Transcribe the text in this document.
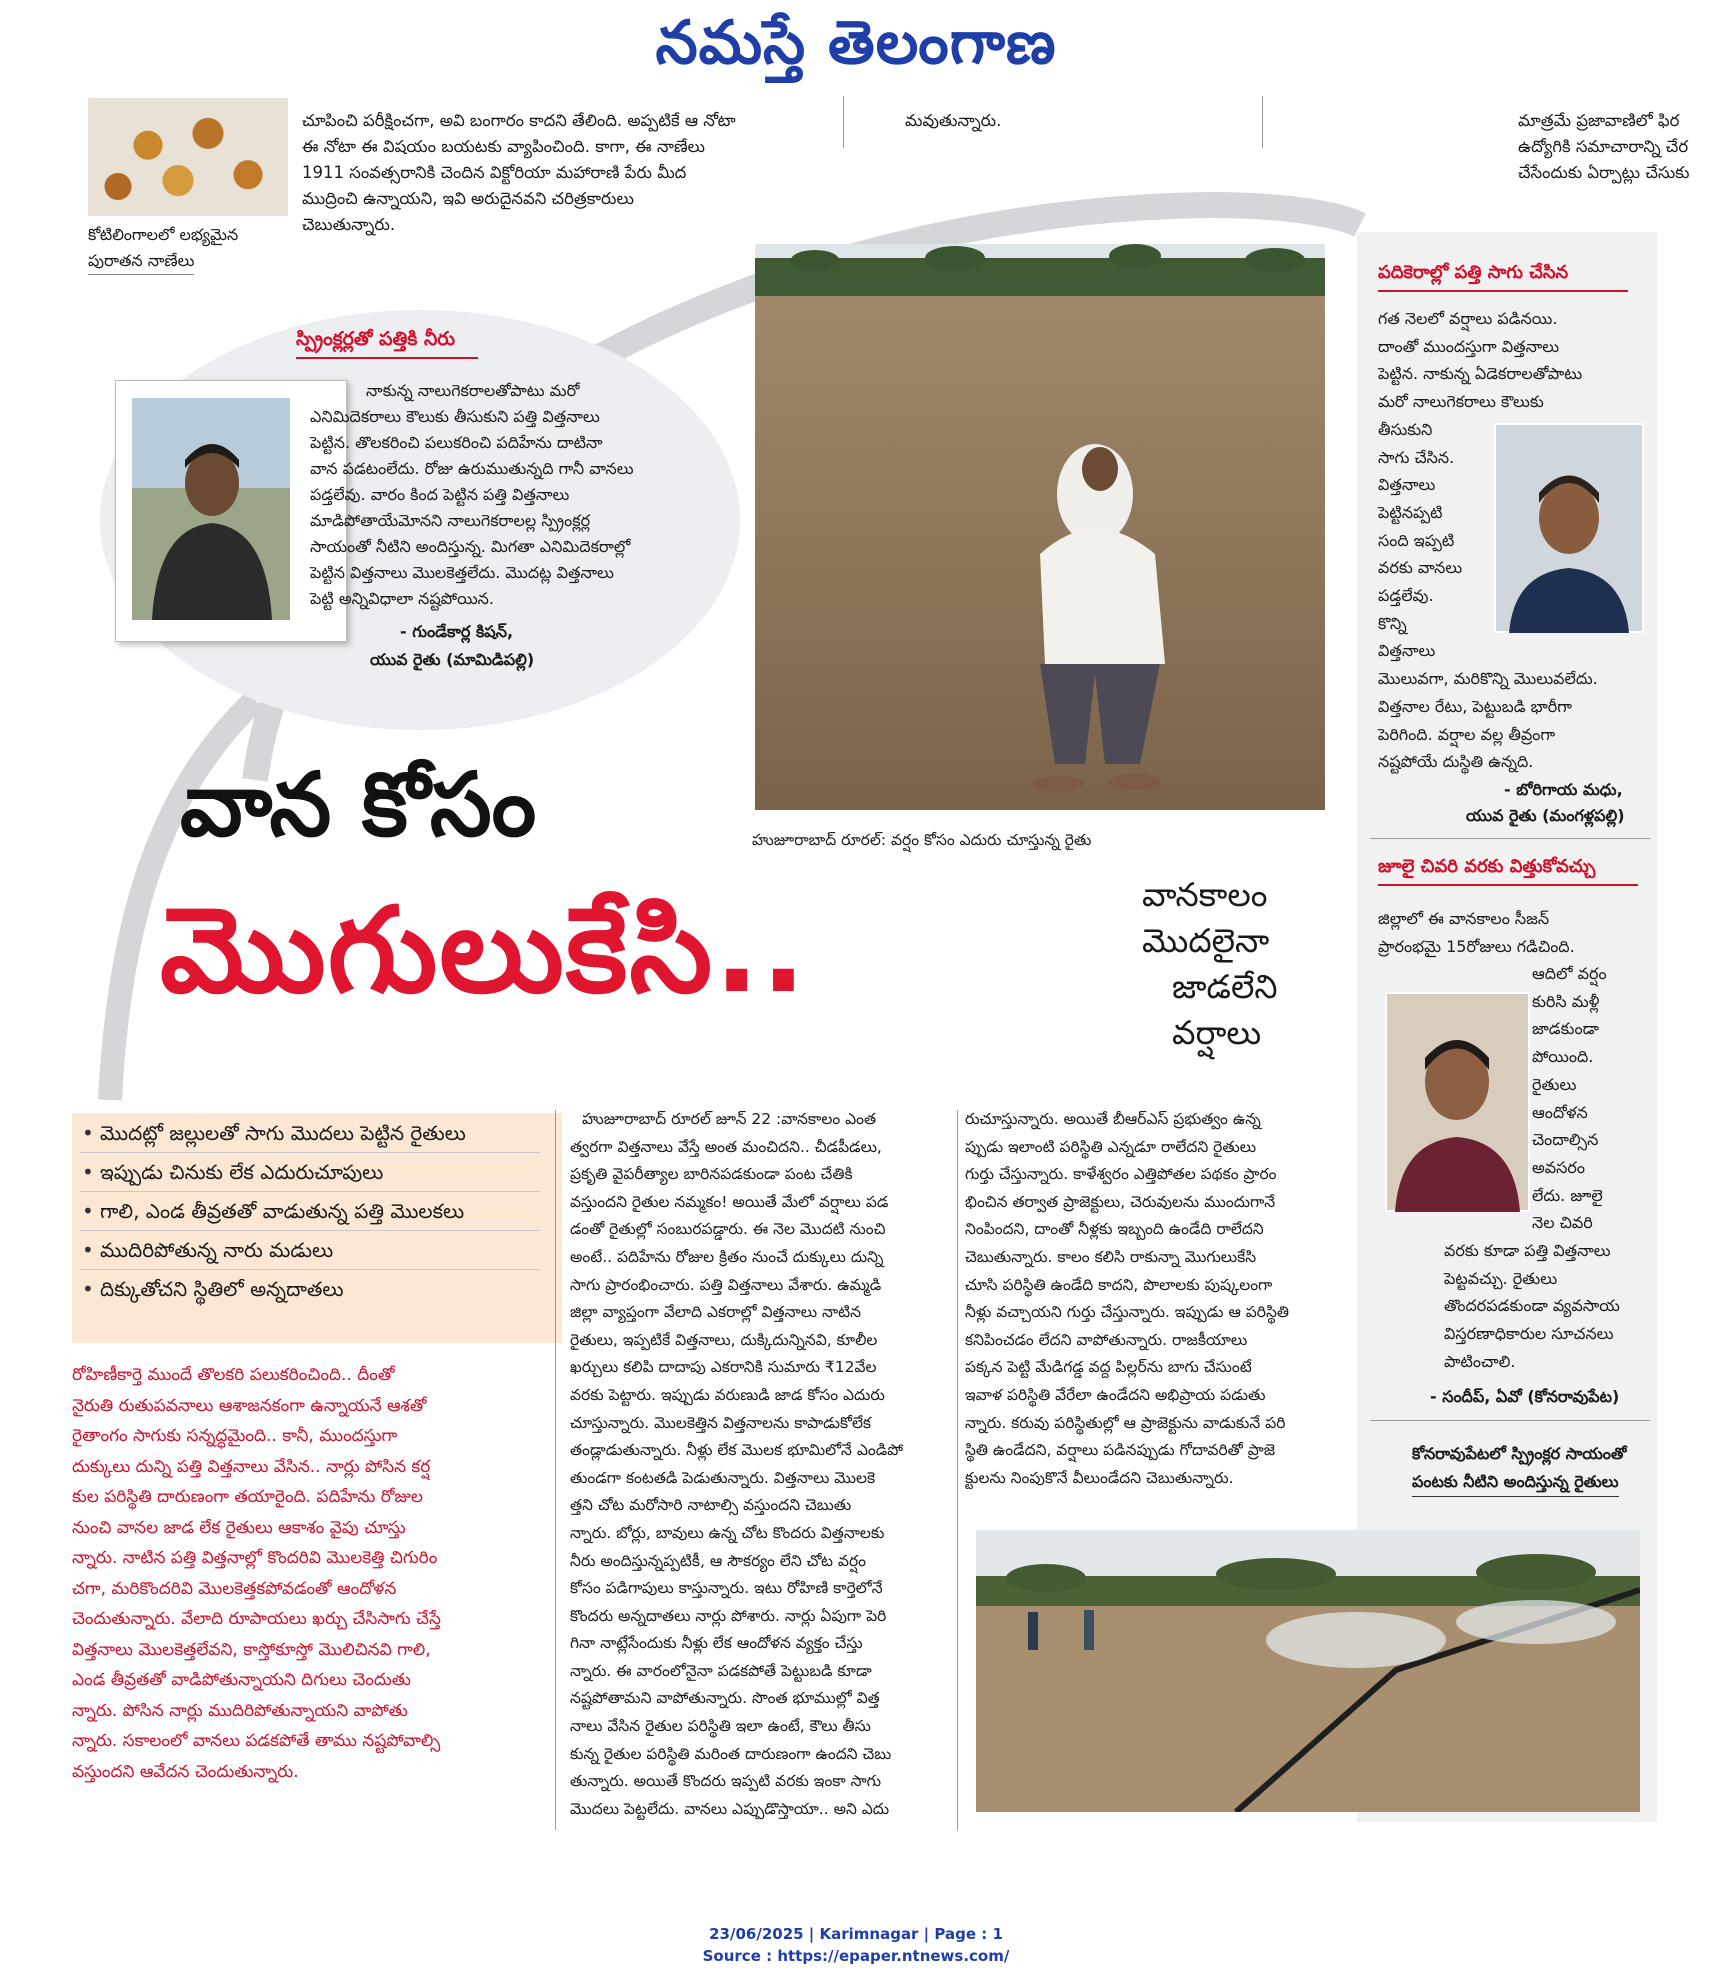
నమస్తే తెలంగాణ
కోటిలింగాలలో లభ్యమైన
పురాతన నాణేలు
చూపించి పరీక్షించగా, అవి బంగారం కాదని తేలింది. అప్పటికే ఆ నోటా
ఈ నోటా ఈ విషయం బయటకు వ్యాపించింది. కాగా, ఈ నాణేలు
1911 సంవత్సరానికి చెందిన విక్టోరియా మహారాణి పేరు మీద
ముద్రించి ఉన్నాయని, ఇవి అరుదైనవని చరిత్రకారులు
చెబుతున్నారు.
మవుతున్నారు.	మాత్రమే ప్రజావాణిలో ఫిర
ఉద్యోగికి సమాచారాన్ని చేర
చేసేందుకు ఏర్పాట్లు చేసుకు
స్ప్రింక్లర్లతో పత్తికి నీరు
నాకున్న నాలుగెకరాలతోపాటు మరో
ఎనిమిదెకరాలు కౌలుకు తీసుకుని పత్తి విత్తనాలు
పెట్టిన. తొలకరించి పలుకరించి పదిహేను దాటినా
వాన పడటంలేదు. రోజు ఉరుముతున్నది గానీ వానలు
పడ్తలేవు. వారం కింద పెట్టిన పత్తి విత్తనాలు
మాడిపోతాయేమోనని నాలుగెకరాలల్ల స్ప్రింక్లర్ల
సాయంతో నీటిని అందిస్తున్న. మిగతా ఎనిమిదెకరాల్లో
పెట్టిన విత్తనాలు మొలకెత్తలేదు. మొదట్ల విత్తనాలు
పెట్టి అన్నివిధాలా నష్టపోయిన.
- గుండేకార్ల కిషన్,
యువ రైతు (మామిడిపల్లి)
హుజూరాబాద్ రూరల్: వర్షం కోసం ఎదురు చూస్తున్న రైతు
వాన కోసం
మొగులుకేసి..	వానకాలం
మొదలైనా
జాడలేని
వర్షాలు
• మొదట్లో జల్లులతో సాగు మొదలు పెట్టిన రైతులు
• ఇప్పుడు చినుకు లేక ఎదురుచూపులు
• గాలి, ఎండ తీవ్రతతో వాడుతున్న పత్తి మొలకలు
• ముదిరిపోతున్న నారు మడులు
• దిక్కుతోచని స్థితిలో అన్నదాతలు
రోహిణీకార్తె ముందే తొలకరి పలుకరించింది.. దీంతో
నైరుతి రుతుపవనాలు ఆశాజనకంగా ఉన్నాయనే ఆశతో
రైతాంగం సాగుకు సన్నద్ధమైంది.. కానీ, ముందస్తుగా
దుక్కులు దున్ని పత్తి విత్తనాలు వేసిన.. నార్లు పోసిన కర్ష
కుల పరిస్థితి దారుణంగా తయారైంది. పదిహేను రోజుల
నుంచి వానల జాడ లేక రైతులు ఆకాశం వైపు చూస్తు
న్నారు. నాటిన పత్తి విత్తనాల్లో కొందరివి మొలకెత్తి చిగురిం
చగా, మరికొందరివి మొలకెత్తకపోవడంతో ఆందోళన
చెందుతున్నారు. వేలాది రూపాయలు ఖర్చు చేసిసాగు చేస్తే
విత్తనాలు మొలకెత్తలేవని, కాస్తోకూస్తో మొలిచినవి గాలి,
ఎండ తీవ్రతతో వాడిపోతున్నాయని దిగులు చెందుతు
న్నారు. పోసిన నార్లు ముదిరిపోతున్నాయని వాపోతు
న్నారు. సకాలంలో వానలు పడకపోతే తాము నష్టపోవాల్సి
వస్తుందని ఆవేదన చెందుతున్నారు.
హుజూరాబాద్ రూరల్ జూన్ 22 :వానకాలం ఎంత
త్వరగా విత్తనాలు వేస్తే అంత మంచిదని.. చీడపీడలు,
ప్రకృతి వైపరీత్యాల బారినపడకుండా పంట చేతికి
వస్తుందని రైతుల నమ్మకం! అయితే మేలో వర్షాలు పడ
డంతో రైతుల్లో సంబురపడ్డారు. ఈ నెల మొదటి నుంచి
అంటే.. పదిహేను రోజుల క్రితం నుంచే దుక్కులు దున్ని
సాగు ప్రారంభించారు. పత్తి విత్తనాలు వేశారు. ఉమ్మడి
జిల్లా వ్యాప్తంగా వేలాది ఎకరాల్లో విత్తనాలు నాటిన
రైతులు, ఇప్పటికే విత్తనాలు, దుక్కిదున్నినవి, కూలీల
ఖర్చులు కలిపి దాదాపు ఎకరానికి సుమారు ₹12వేల
వరకు పెట్టారు. ఇప్పుడు వరుణుడి జాడ కోసం ఎదురు
చూస్తున్నారు. మొలకెత్తిన విత్తనాలను కాపాడుకోలేక
తండ్లాడుతున్నారు. నీళ్లు లేక మొలక భూమిలోనే ఎండిపో
తుండగా కంటతడి పెడుతున్నారు. విత్తనాలు మొలకె
త్తని చోట మరోసారి నాటాల్సి వస్తుందని చెబుతు
న్నారు. బోర్లు, బావులు ఉన్న చోట కొందరు విత్తనాలకు
నీరు అందిస్తున్నప్పటికీ, ఆ సౌకర్యం లేని చోట వర్షం
కోసం పడిగాపులు కాస్తున్నారు. ఇటు రోహిణి కార్తెలోనే
కొందరు అన్నదాతలు నార్లు పోశారు. నార్లు ఏపుగా పెరి
గినా నాట్లేసేందుకు నీళ్లు లేక ఆందోళన వ్యక్తం చేస్తు
న్నారు. ఈ వారంలోనైనా పడకపోతే పెట్టుబడి కూడా
నష్టపోతామని వాపోతున్నారు. సొంత భూముల్లో విత్త
నాలు వేసిన రైతుల పరిస్థితి ఇలా ఉంటే, కౌలు తీసు
కున్న రైతుల పరిస్థితి మరింత దారుణంగా ఉందని చెబు
తున్నారు. అయితే కొందరు ఇప్పటి వరకు ఇంకా సాగు
మొదలు పెట్టలేదు. వానలు ఎప్పుడొస్తాయా.. అని ఎదు
రుచూస్తున్నారు. అయితే బీఆర్ఎస్ ప్రభుత్వం ఉన్న
ప్పుడు ఇలాంటి పరిస్థితి ఎన్నడూ రాలేదని రైతులు
గుర్తు చేస్తున్నారు. కాళేశ్వరం ఎత్తిపోతల పథకం ప్రారం
భించిన తర్వాత ప్రాజెక్టులు, చెరువులను ముందుగానే
నింపిందని, దాంతో నీళ్లకు ఇబ్బంది ఉండేది రాలేదని
చెబుతున్నారు. కాలం కలిసి రాకున్నా మొగులుకేసి
చూసి పరిస్థితి ఉండేది కాదని, పొలాలకు పుష్కలంగా
నీళ్లు వచ్చాయని గుర్తు చేస్తున్నారు. ఇప్పుడు ఆ పరిస్థితి
కనిపించడం లేదని వాపోతున్నారు. రాజకీయాలు
పక్కన పెట్టి మేడిగడ్డ వద్ద పిల్లర్‌ను బాగు చేసుంటే
ఇవాళ పరిస్థితి వేరేలా ఉండేదని అభిప్రాయ పడుతు
న్నారు. కరువు పరిస్థితుల్లో ఆ ప్రాజెక్టును వాడుకునే పరి
స్థితి ఉండేదని, వర్షాలు పడినప్పుడు గోదావరితో ప్రాజె
క్టులను నింపుకొనే వీలుండేదని చెబుతున్నారు.
పదికెరాల్లో పత్తి సాగు చేసిన
గత నెలలో వర్షాలు పడినయి.
దాంతో ముందస్తుగా విత్తనాలు
పెట్టిన. నాకున్న ఏడెకరాలతోపాటు
మరో నాలుగెకరాలు కౌలుకు
తీసుకుని
సాగు చేసిన.
విత్తనాలు
పెట్టినప్పటి
సంది ఇప్పటి
వరకు వానలు
పడ్తలేవు.
కొన్ని
విత్తనాలు
మొలువగా, మరికొన్ని మొలువలేదు.
విత్తనాల రేటు, పెట్టుబడి భారీగా
పెరిగింది. వర్షాల వల్ల తీవ్రంగా
నష్టపోయే దుస్థితి ఉన్నది.
- బోరిగాయ మధు,
యువ రైతు (మంగళ్లపల్లి)
జూలై చివరి వరకు విత్తుకోవచ్చు
జిల్లాలో ఈ వానకాలం సీజన్
ప్రారంభమై 15రోజులు గడిచింది.
ఆదిలో వర్షం
కురిసి మళ్లీ
జాడకుండా
పోయింది.
రైతులు
ఆందోళన
చెందాల్సిన
అవసరం
లేదు. జూలై
నెల చివరి
వరకు కూడా పత్తి విత్తనాలు
పెట్టవచ్చు. రైతులు
తొందరపడకుండా వ్యవసాయ
విస్తరణాధికారుల సూచనలు
పాటించాలి.
- సందీప్, ఏవో (కోనరావుపేట)
కోనరావుపేటలో స్ప్రింక్లర సాయంతో
పంటకు నీటిని అందిస్తున్న రైతులు
23/06/2025 | Karimnagar | Page : 1
Source : https://epaper.ntnews.com/
